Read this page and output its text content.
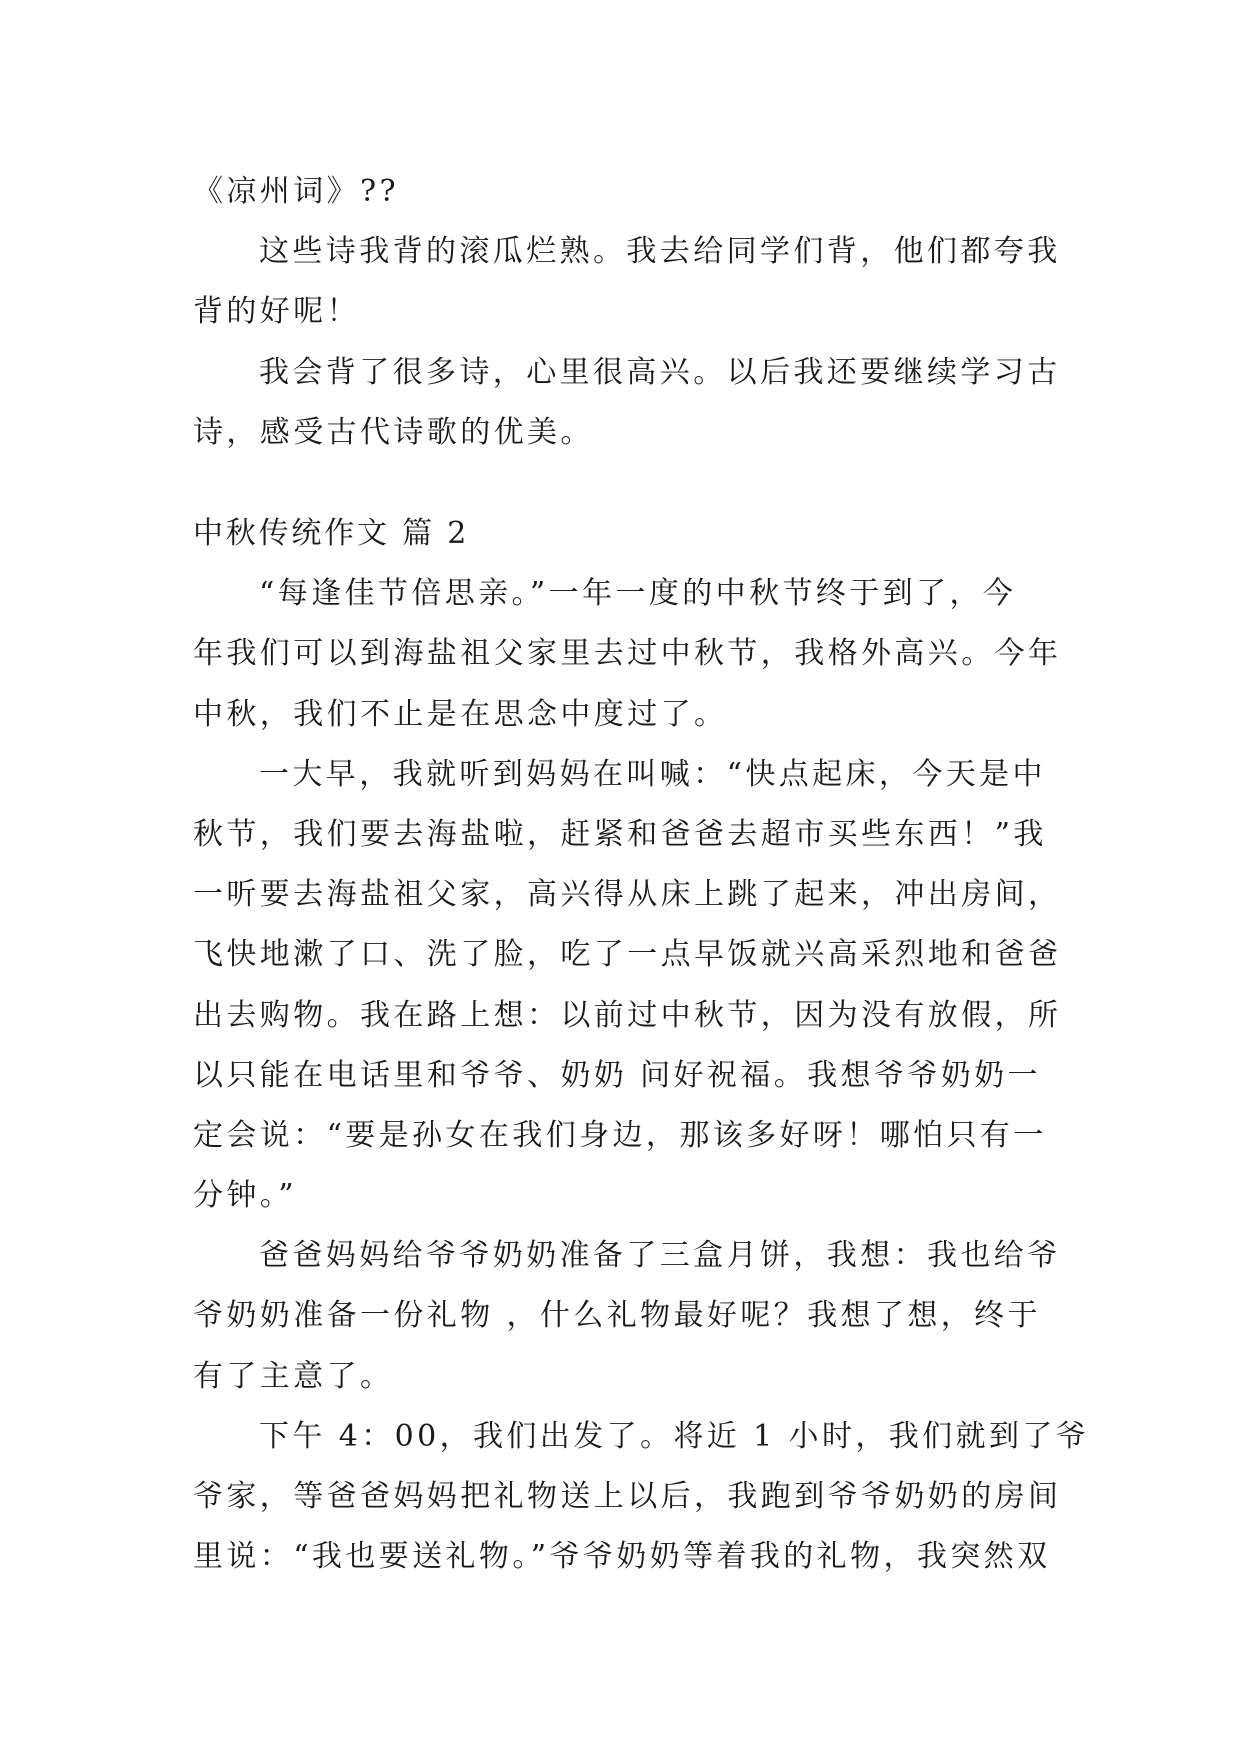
《凉州词》??
这些诗我背的滚瓜烂熟。我去给同学们背，他们都夸我
背的好呢！
我会背了很多诗，心里很高兴。以后我还要继续学习古
诗，感受古代诗歌的优美。
中秋传统作文 篇 2
“每逢佳节倍思亲。”一年一度的中秋节终于到了，今
年我们可以到海盐祖父家里去过中秋节，我格外高兴。今年
中秋，我们不止是在思念中度过了。
一大早，我就听到妈妈在叫喊：“快点起床，今天是中
秋节，我们要去海盐啦，赶紧和爸爸去超市买些东西！”我
一听要去海盐祖父家，高兴得从床上跳了起来，冲出房间，
飞快地漱了口、洗了脸，吃了一点早饭就兴高采烈地和爸爸
出去购物。我在路上想：以前过中秋节，因为没有放假，所
以只能在电话里和爷爷、奶奶 问好祝福。我想爷爷奶奶一
定会说：“要是孙女在我们身边，那该多好呀！哪怕只有一
分钟。”
爸爸妈妈给爷爷奶奶准备了三盒月饼，我想：我也给爷
爷奶奶准备一份礼物 ，什么礼物最好呢？我想了想，终于
有了主意了。
下午 4：00，我们出发了。将近 1 小时，我们就到了爷
爷家，等爸爸妈妈把礼物送上以后，我跑到爷爷奶奶的房间
里说：“我也要送礼物。”爷爷奶奶等着我的礼物，我突然双
